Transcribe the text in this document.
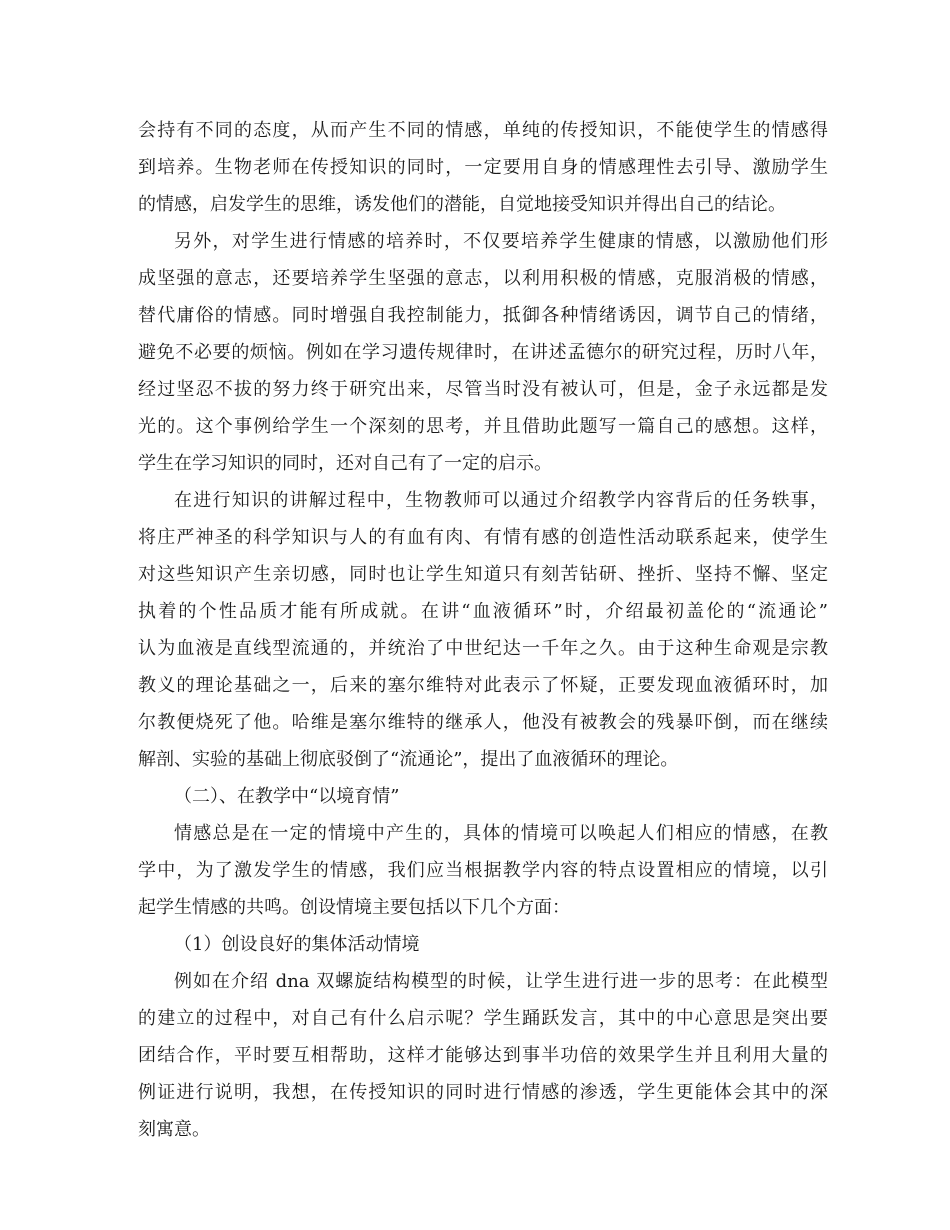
会持有不同的态度，从而产生不同的情感，单纯的传授知识，不能使学生的情感得
到培养。生物老师在传授知识的同时，一定要用自身的情感理性去引导、激励学生
的情感，启发学生的思维，诱发他们的潜能，自觉地接受知识并得出自己的结论。

另外，对学生进行情感的培养时，不仅要培养学生健康的情感，以激励他们形
成坚强的意志，还要培养学生坚强的意志，以利用积极的情感，克服消极的情感，
替代庸俗的情感。同时增强自我控制能力，抵御各种情绪诱因，调节自己的情绪，
避免不必要的烦恼。例如在学习遗传规律时，在讲述孟德尔的研究过程，历时八年，
经过坚忍不拔的努力终于研究出来，尽管当时没有被认可，但是，金子永远都是发
光的。这个事例给学生一个深刻的思考，并且借助此题写一篇自己的感想。这样，
学生在学习知识的同时，还对自己有了一定的启示。

在进行知识的讲解过程中，生物教师可以通过介绍教学内容背后的任务轶事，
将庄严神圣的科学知识与人的有血有肉、有情有感的创造性活动联系起来，使学生
对这些知识产生亲切感，同时也让学生知道只有刻苦钻研、挫折、坚持不懈、坚定
执着的个性品质才能有所成就。在讲“血液循环”时，介绍最初盖伦的“流通论”
认为血液是直线型流通的，并统治了中世纪达一千年之久。由于这种生命观是宗教
教义的理论基础之一，后来的塞尔维特对此表示了怀疑，正要发现血液循环时，加
尔教便烧死了他。哈维是塞尔维特的继承人，他没有被教会的残暴吓倒，而在继续
解剖、实验的基础上彻底驳倒了“流通论”，提出了血液循环的理论。

（二）、在教学中“以境育情”

情感总是在一定的情境中产生的，具体的情境可以唤起人们相应的情感，在教
学中，为了激发学生的情感，我们应当根据教学内容的特点设置相应的情境，以引
起学生情感的共鸣。创设情境主要包括以下几个方面：

（1）创设良好的集体活动情境

例如在介绍 dna 双螺旋结构模型的时候，让学生进行进一步的思考：在此模型
的建立的过程中，对自己有什么启示呢？学生踊跃发言，其中的中心意思是突出要
团结合作，平时要互相帮助，这样才能够达到事半功倍的效果学生并且利用大量的
例证进行说明，我想，在传授知识的同时进行情感的渗透，学生更能体会其中的深
刻寓意。
